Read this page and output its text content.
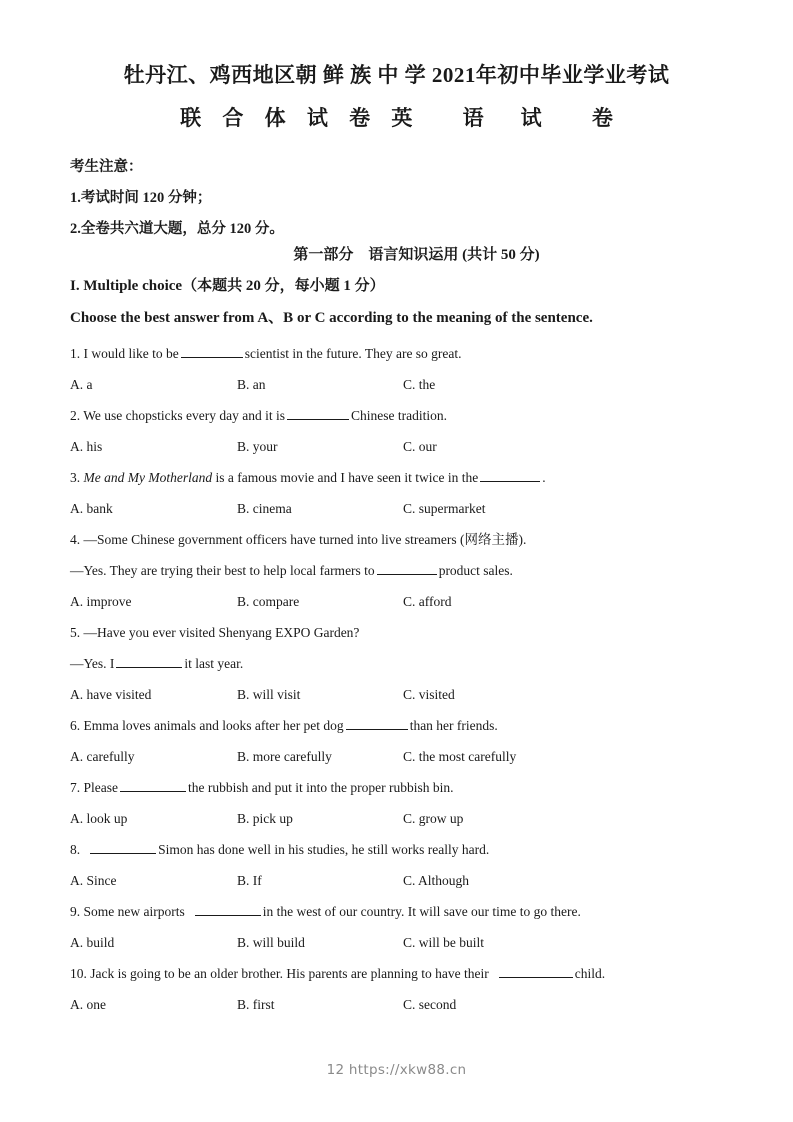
牡丹江、鸡西地区朝 鲜 族 中 学 2021年初中毕业学业考试
联 合 体 试 卷 英　 语　试　 卷
考生注意：
1.考试时间 120 分钟；
2.全卷共六道大题，总分 120 分。
第一部分　语言知识运用 (共计 50 分)
I. Multiple choice（本题共 20 分，每小题 1 分）
Choose the best answer from A、B or C according to the meaning of the sentence.
1. I would like to be	scientist in the future. They are so great.
A. a	B. an	C. the
2. We use chopsticks every day and it is	Chinese tradition.
A. his	B. your	C. our
3. Me and My Motherland is a famous movie and I have seen it twice in the	.
A. bank	B. cinema	C. supermarket
4. —Some Chinese government officers have turned into live streamers (网络主播).
—Yes. They are trying their best to help local farmers to	product sales.
A. improve	B. compare	C. afford
5. —Have you ever visited Shenyang EXPO Garden?
—Yes. I	it last year.
A. have visited	B. will visit	C. visited
6. Emma loves animals and looks after her pet dog	than her friends.
A. carefully	B. more carefully	C. the most carefully
7. Please	the rubbish and put it into the proper rubbish bin.
A. look up	B. pick up	C. grow up
8.	Simon has done well in his studies, he still works really hard.
A. Since	B. If	C. Although
9. Some new airports	in the west of our country. It will save our time to go there.
A. build	B. will build	C. will be built
10. Jack is going to be an older brother. His parents are planning to have their	child.
A. one	B. first	C. second
12 https://xkw88.cn
